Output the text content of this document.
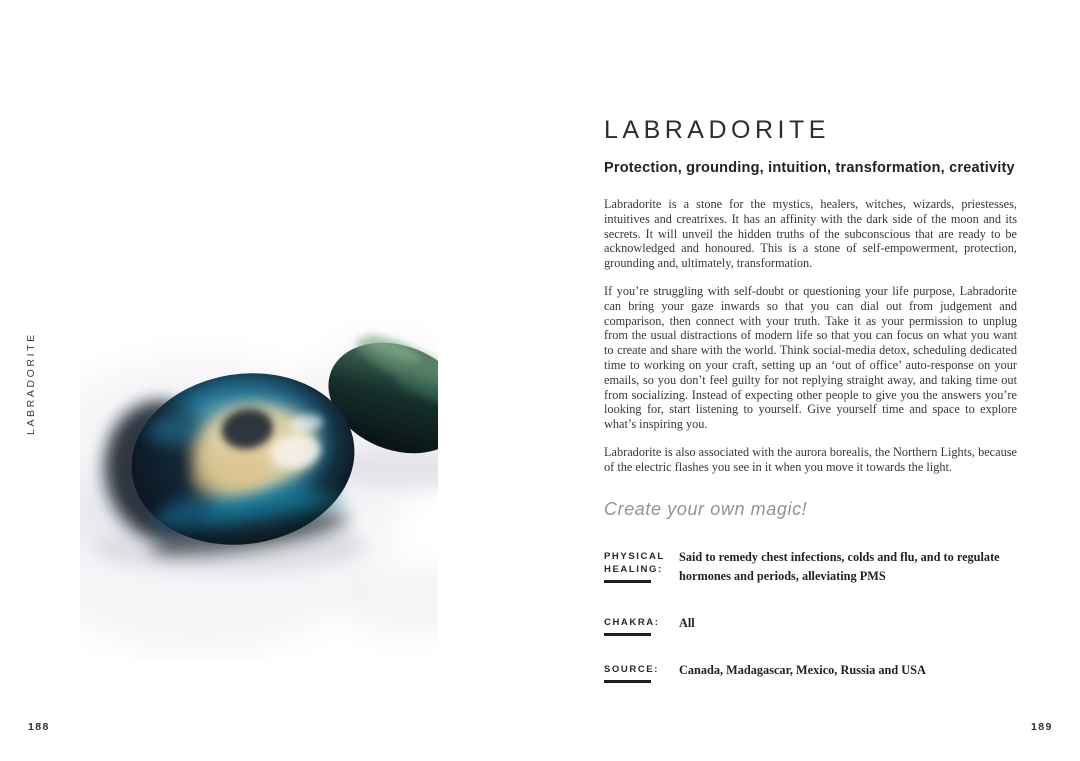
LABRADORITE
188
LABRADORITE
Protection, grounding, intuition, transformation, creativity

Labradorite is a stone for the mystics, healers, witches, wizards, priestesses, intuitives and creatrixes. It has an affinity with the dark side of the moon and its secrets. It will unveil the hidden truths of the subconscious that are ready to be acknowledged and honoured. This is a stone of self-empowerment, protection, grounding and, ultimately, transformation.

If you’re struggling with self-doubt or questioning your life purpose, Labradorite can bring your gaze inwards so that you can dial out from judgement and comparison, then connect with your truth. Take it as your permission to unplug from the usual distractions of modern life so that you can focus on what you want to create and share with the world. Think social-media detox, scheduling dedicated time to working on your craft, setting up an ‘out of office’ auto-response on your emails, so you don’t feel guilty for not replying straight away, and taking time out from socializing. Instead of expecting other people to give you the answers you’re looking for, start listening to yourself. Give yourself time and space to explore what’s inspiring you.

Labradorite is also associated with the aurora borealis, the Northern Lights, because of the electric flashes you see in it when you move it towards the light.

Create your own magic!

PHYSICAL HEALING:
Said to remedy chest infections, colds and flu, and to regulate hormones and periods, alleviating PMS
CHAKRA:	All
SOURCE:	Canada, Madagascar, Mexico, Russia and USA
189
